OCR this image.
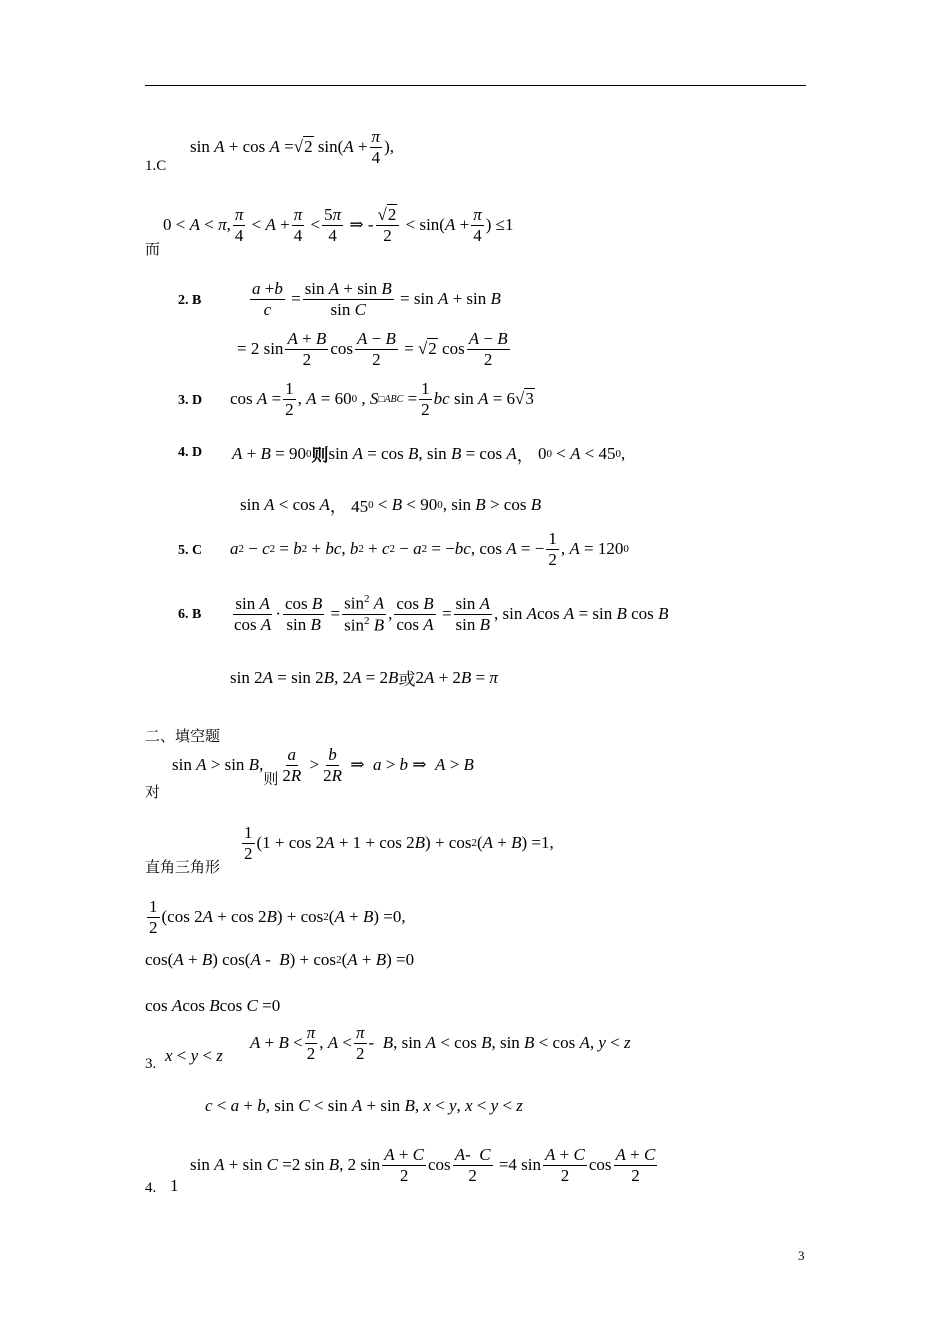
1.C
sin A + cos A = √2 sin( $A + \frac{\pi}{4}$ ),
而
0 < A < π , $\frac{\pi}{4} < A + \frac{\pi}{4} < \frac{5\pi}{4}$ ⇒ - $\frac{√2}{2} < \sin$( $A + \frac{\pi}{4}$ ) ≤1
2. B	$\frac{a +b}{c} = \frac{\text{sin A + sin B}}{\text{sin C}} = \sin A + \sin B$
= 2 $\sin \frac{A + B}{2}$ $\cos \frac{A - B}{2} = √2$ $\cos \frac{A - B}{2}$
3. D $\cos A = \frac{1}{2}$ , A = 60 0 , S □ABC = $\frac{1}{2}$ bc sin A = 6 √3
4. D A + B = 90 0 则 sin A = cos B , sin B = cos A ， 0 0 < A < 45 0 ,
sin A < cos A ， 45 0 < B < 90 0 , sin B > cos B
5. C a 2 − c 2 = b 2 + bc , b 2 + c 2 − a 2 = − bc , cos A = − $\frac{1}{2}$ , A = 120 0
6. B $\frac{\text{sin A}}{\text{cos A}} \cdot \frac{\text{cos B}}{\text{sin B}} = \frac{\sin^2 A}{\sin^2 B}$ , $\frac{\text{cos B}}{\text{cos A}} = \frac{\text{sin A}}{\text{sin B}}$ , sin A cos A = sin B cos B
sin 2 A = sin 2 B , 2 A = 2 B 或 2 A + 2 B = π
二、填空题
对
sin A > sin B ,
则 $\frac{a}{2R} > \frac{b}{2R}$ ⇒ a > b ⇒ A > B
直角三角形
$\frac{1}{2} (1 + \cos 2$ A + 1 + cos 2 B ) + cos 2 ( A + B ) =1,
$\frac{1}{2} (\cos$ 2 A + cos 2 B ) + cos 2 ( A + B ) =0,
cos( A + B ) cos( A - B ) + cos 2 ( A + B ) =0
cos A cos B cos C =0
3. x < y < z
$A + B < \frac{\pi}{2}$ , $A < \frac{\pi}{2} - B$ , sin A < cos B , sin B < cos A , y < z
c < a + b , sin C < sin A + sin B , x < y , x < y < z
4. 1
sin A + sin C =2 sin B , 2 $\sin \frac{A + C}{2}$ $\cos \frac{A- C}{2} =4$ $\sin \frac{A + C}{2}$ $\cos \frac{A + C}{2}$
3
